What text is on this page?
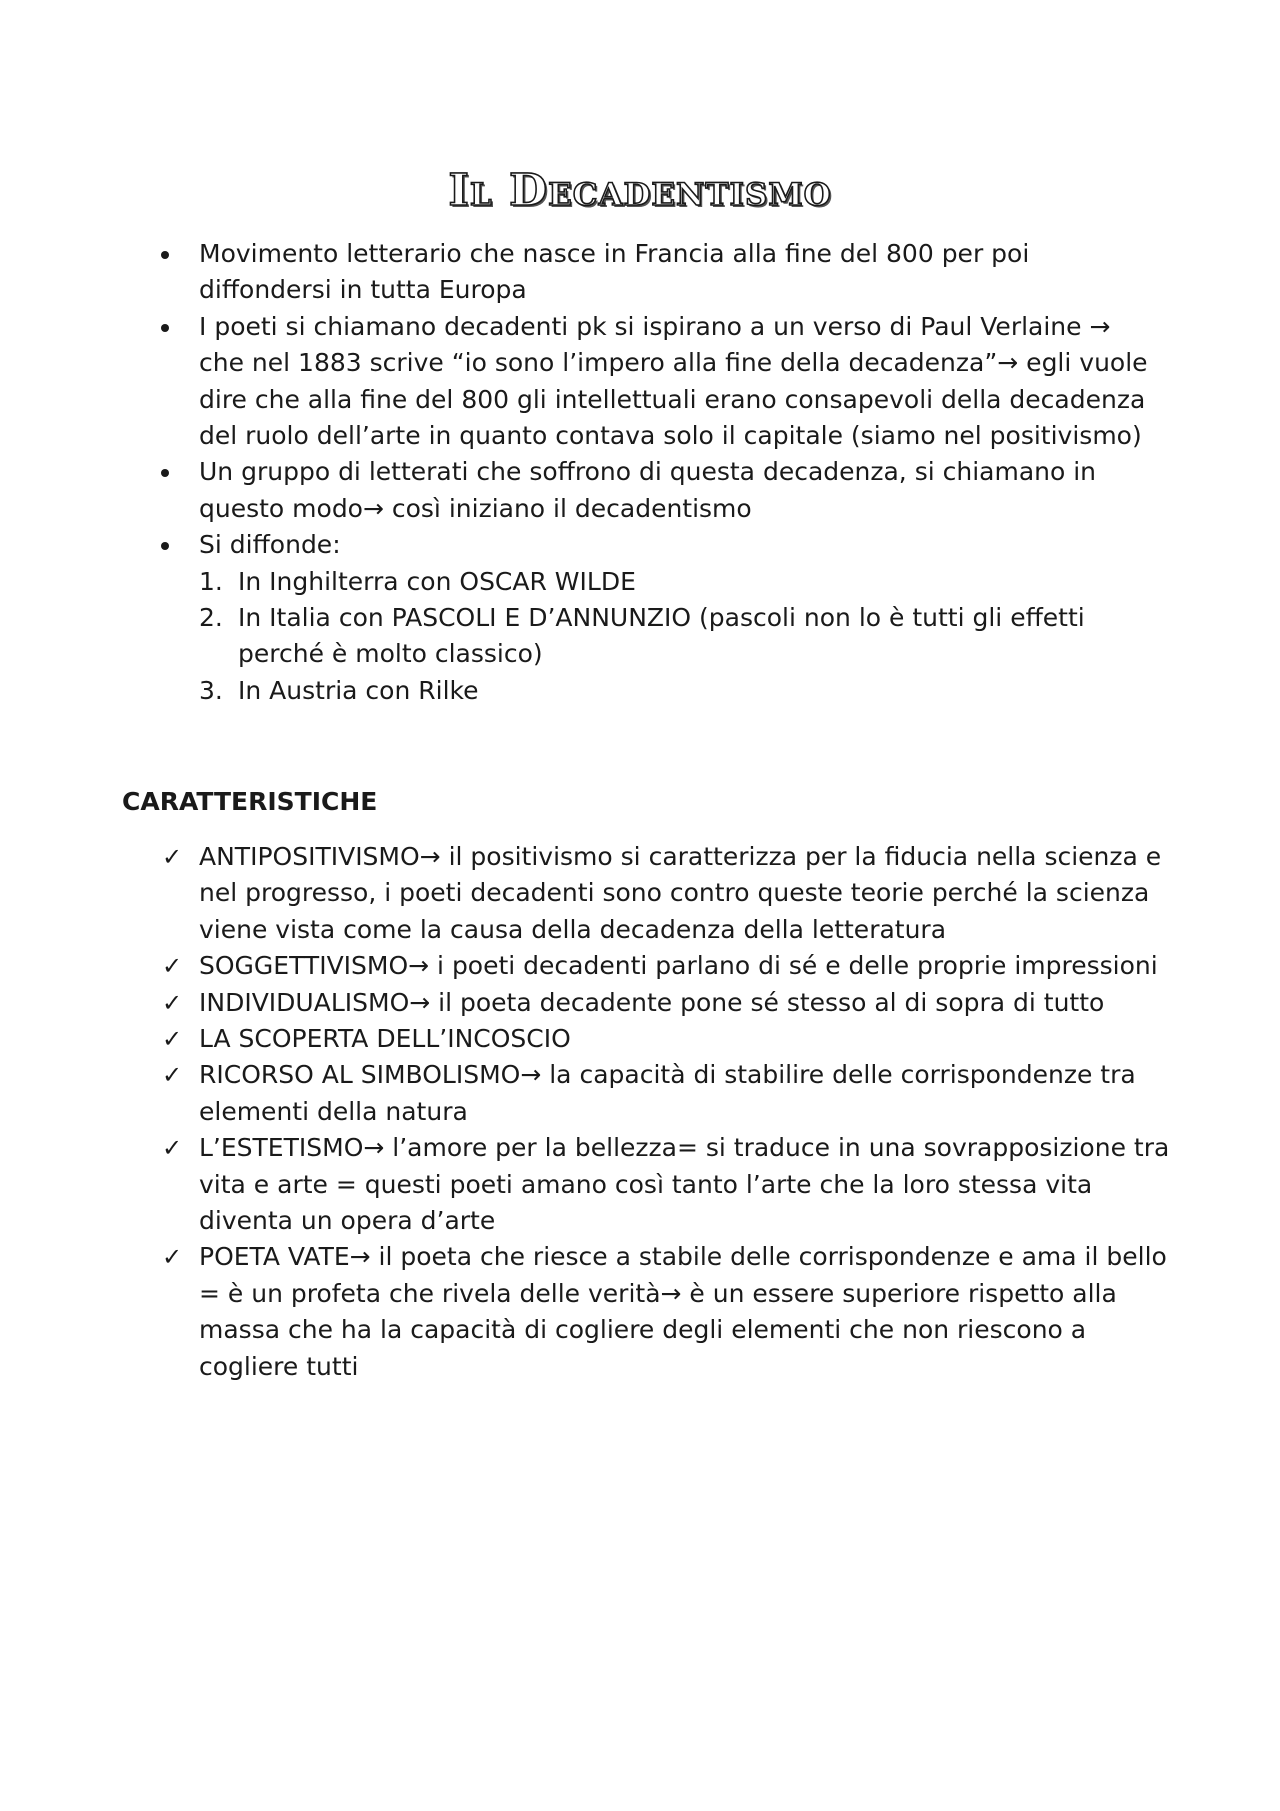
Il Decadentismo
Movimento letterario che nasce in Francia alla fine del 800 per poi diffondersi in tutta Europa
I poeti si chiamano decadenti pk si ispirano a un verso di Paul Verlaine → che nel 1883 scrive “io sono l’impero alla fine della decadenza”→ egli vuole dire che alla fine del 800 gli intellettuali erano consapevoli della decadenza del ruolo dell’arte in quanto contava solo il capitale (siamo nel positivismo)
Un gruppo di letterati che soffrono di questa decadenza, si chiamano in questo modo→ così iniziano il decadentismo
Si diffonde:
1. In Inghilterra con OSCAR WILDE
2. In Italia con PASCOLI E D’ANNUNZIO (pascoli non lo è tutti gli effetti perché è molto classico)
3. In Austria con Rilke
CARATTERISTICHE
✓ ANTIPOSITIVISMO→ il positivismo si caratterizza per la fiducia nella scienza e nel progresso, i poeti decadenti sono contro queste teorie perché la scienza viene vista come la causa della decadenza della letteratura
✓ SOGGETTIVISMO→ i poeti decadenti parlano di sé e delle proprie impressioni
✓ INDIVIDUALISMO→ il poeta decadente pone sé stesso al di sopra di tutto
✓ LA SCOPERTA DELL’INCOSCIO
✓ RICORSO AL SIMBOLISMO→ la capacità di stabilire delle corrispondenze tra elementi della natura
✓ L’ESTETISMO→ l’amore per la bellezza= si traduce in una sovrapposizione tra vita e arte = questi poeti amano così tanto l’arte che la loro stessa vita diventa un opera d’arte
✓ POETA VATE→ il poeta che riesce a stabile delle corrispondenze e ama il bello = è un profeta che rivela delle verità→ è un essere superiore rispetto alla massa che ha la capacità di cogliere degli elementi che non riescono a cogliere tutti
